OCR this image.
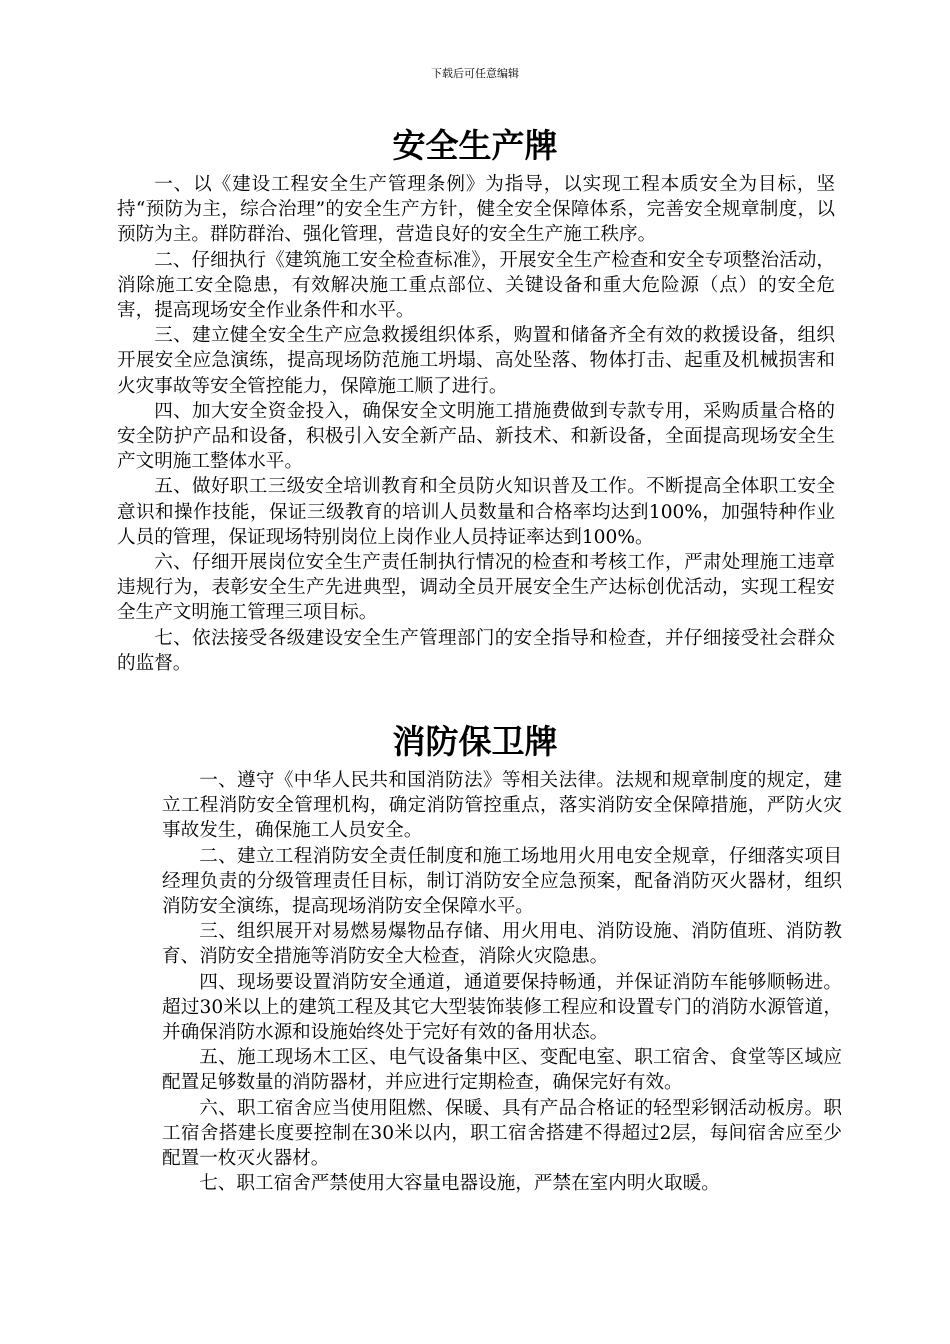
下载后可任意编辑
安全生产牌

一、以《建设工程安全生产管理条例》为指导，以实现工程本质安全为目标，坚持“预防为主，综合治理”的安全生产方针，健全安全保障体系，完善安全规章制度，以预防为主。群防群治、强化管理，营造良好的安全生产施工秩序。

二、仔细执行《建筑施工安全检查标准》，开展安全生产检查和安全专项整治活动，消除施工安全隐患，有效解决施工重点部位、关键设备和重大危险源（点）的安全危害，提高现场安全作业条件和水平。

三、建立健全安全生产应急救援组织体系，购置和储备齐全有效的救援设备，组织开展安全应急演练，提高现场防范施工坍塌、高处坠落、物体打击、起重及机械损害和火灾事故等安全管控能力，保障施工顺了进行。

四、加大安全资金投入，确保安全文明施工措施费做到专款专用，采购质量合格的安全防护产品和设备，积极引入安全新产品、新技术、和新设备，全面提高现场安全生产文明施工整体水平。

五、做好职工三级安全培训教育和全员防火知识普及工作。不断提高全体职工安全意识和操作技能，保证三级教育的培训人员数量和合格率均达到100%，加强特种作业人员的管理，保证现场特别岗位上岗作业人员持证率达到100%。

六、仔细开展岗位安全生产责任制执行情况的检查和考核工作，严肃处理施工违章违规行为，表彰安全生产先进典型，调动全员开展安全生产达标创优活动，实现工程安全生产文明施工管理三项目标。

七、依法接受各级建设安全生产管理部门的安全指导和检查，并仔细接受社会群众的监督。

消防保卫牌

一、遵守《中华人民共和国消防法》等相关法律。法规和规章制度的规定，建立工程消防安全管理机构，确定消防管控重点，落实消防安全保障措施，严防火灾事故发生，确保施工人员安全。

二、建立工程消防安全责任制度和施工场地用火用电安全规章，仔细落实项目经理负责的分级管理责任目标，制订消防安全应急预案，配备消防灭火器材，组织消防安全演练，提高现场消防安全保障水平。

三、组织展开对易燃易爆物品存储、用火用电、消防设施、消防值班、消防教育、消防安全措施等消防安全大检查，消除火灾隐患。

四、现场要设置消防安全通道，通道要保持畅通，并保证消防车能够顺畅进。超过30米以上的建筑工程及其它大型装饰装修工程应和设置专门的消防水源管道，并确保消防水源和设施始终处于完好有效的备用状态。

五、施工现场木工区、电气设备集中区、变配电室、职工宿舍、食堂等区域应配置足够数量的消防器材，并应进行定期检查，确保完好有效。

六、职工宿舍应当使用阻燃、保暖、具有产品合格证的轻型彩钢活动板房。职工宿舍搭建长度要控制在30米以内，职工宿舍搭建不得超过2层，每间宿舍应至少配置一枚灭火器材。

七、职工宿舍严禁使用大容量电器设施，严禁在室内明火取暖。
